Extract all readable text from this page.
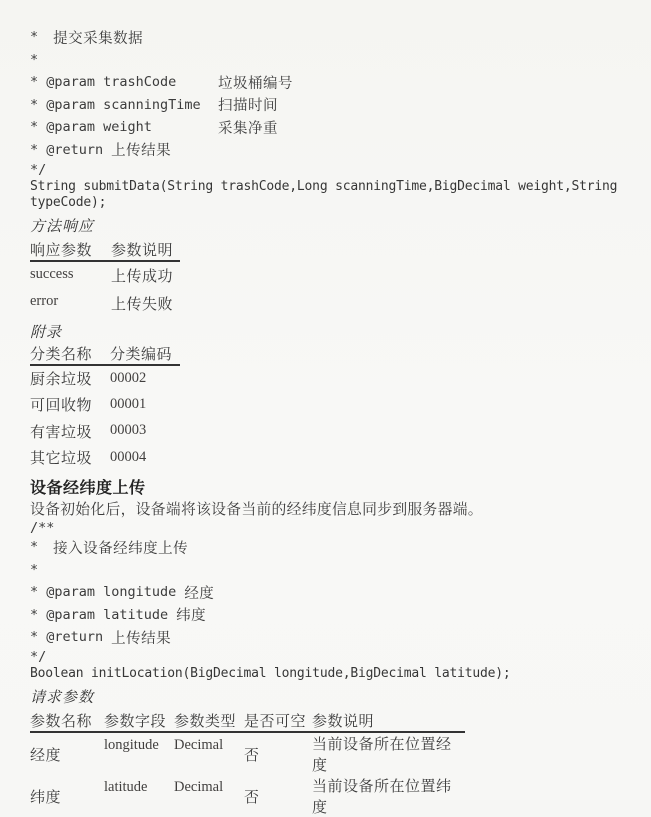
* 提交采集数据
*
* @param trashCode	垃圾桶编号
* @param scanningTime	扫描时间
* @param weight	采集净重
* @return 上传结果
*/
String submitData(String trashCode,Long scanningTime,BigDecimal weight,String
typeCode);
方法响应
响应参数	参数说明
success	上传成功
error	上传失败
附录
分类名称	分类编码
厨余垃圾	00002
可回收物	00001
有害垃圾	00003
其它垃圾	00004
设备经纬度上传
设备初始化后，设备端将该设备当前的经纬度信息同步到服务器端。
/**
* 接入设备经纬度上传
*
* @param longitude 经度
* @param latitude 纬度
* @return 上传结果
*/
Boolean initLocation(BigDecimal longitude,BigDecimal latitude);
请求参数
参数名称	参数字段	参数类型	是否可空	参数说明
经度	longitude	Decimal	否	当前设备所在位置经度
纬度	latitude	Decimal	否	当前设备所在位置纬度
